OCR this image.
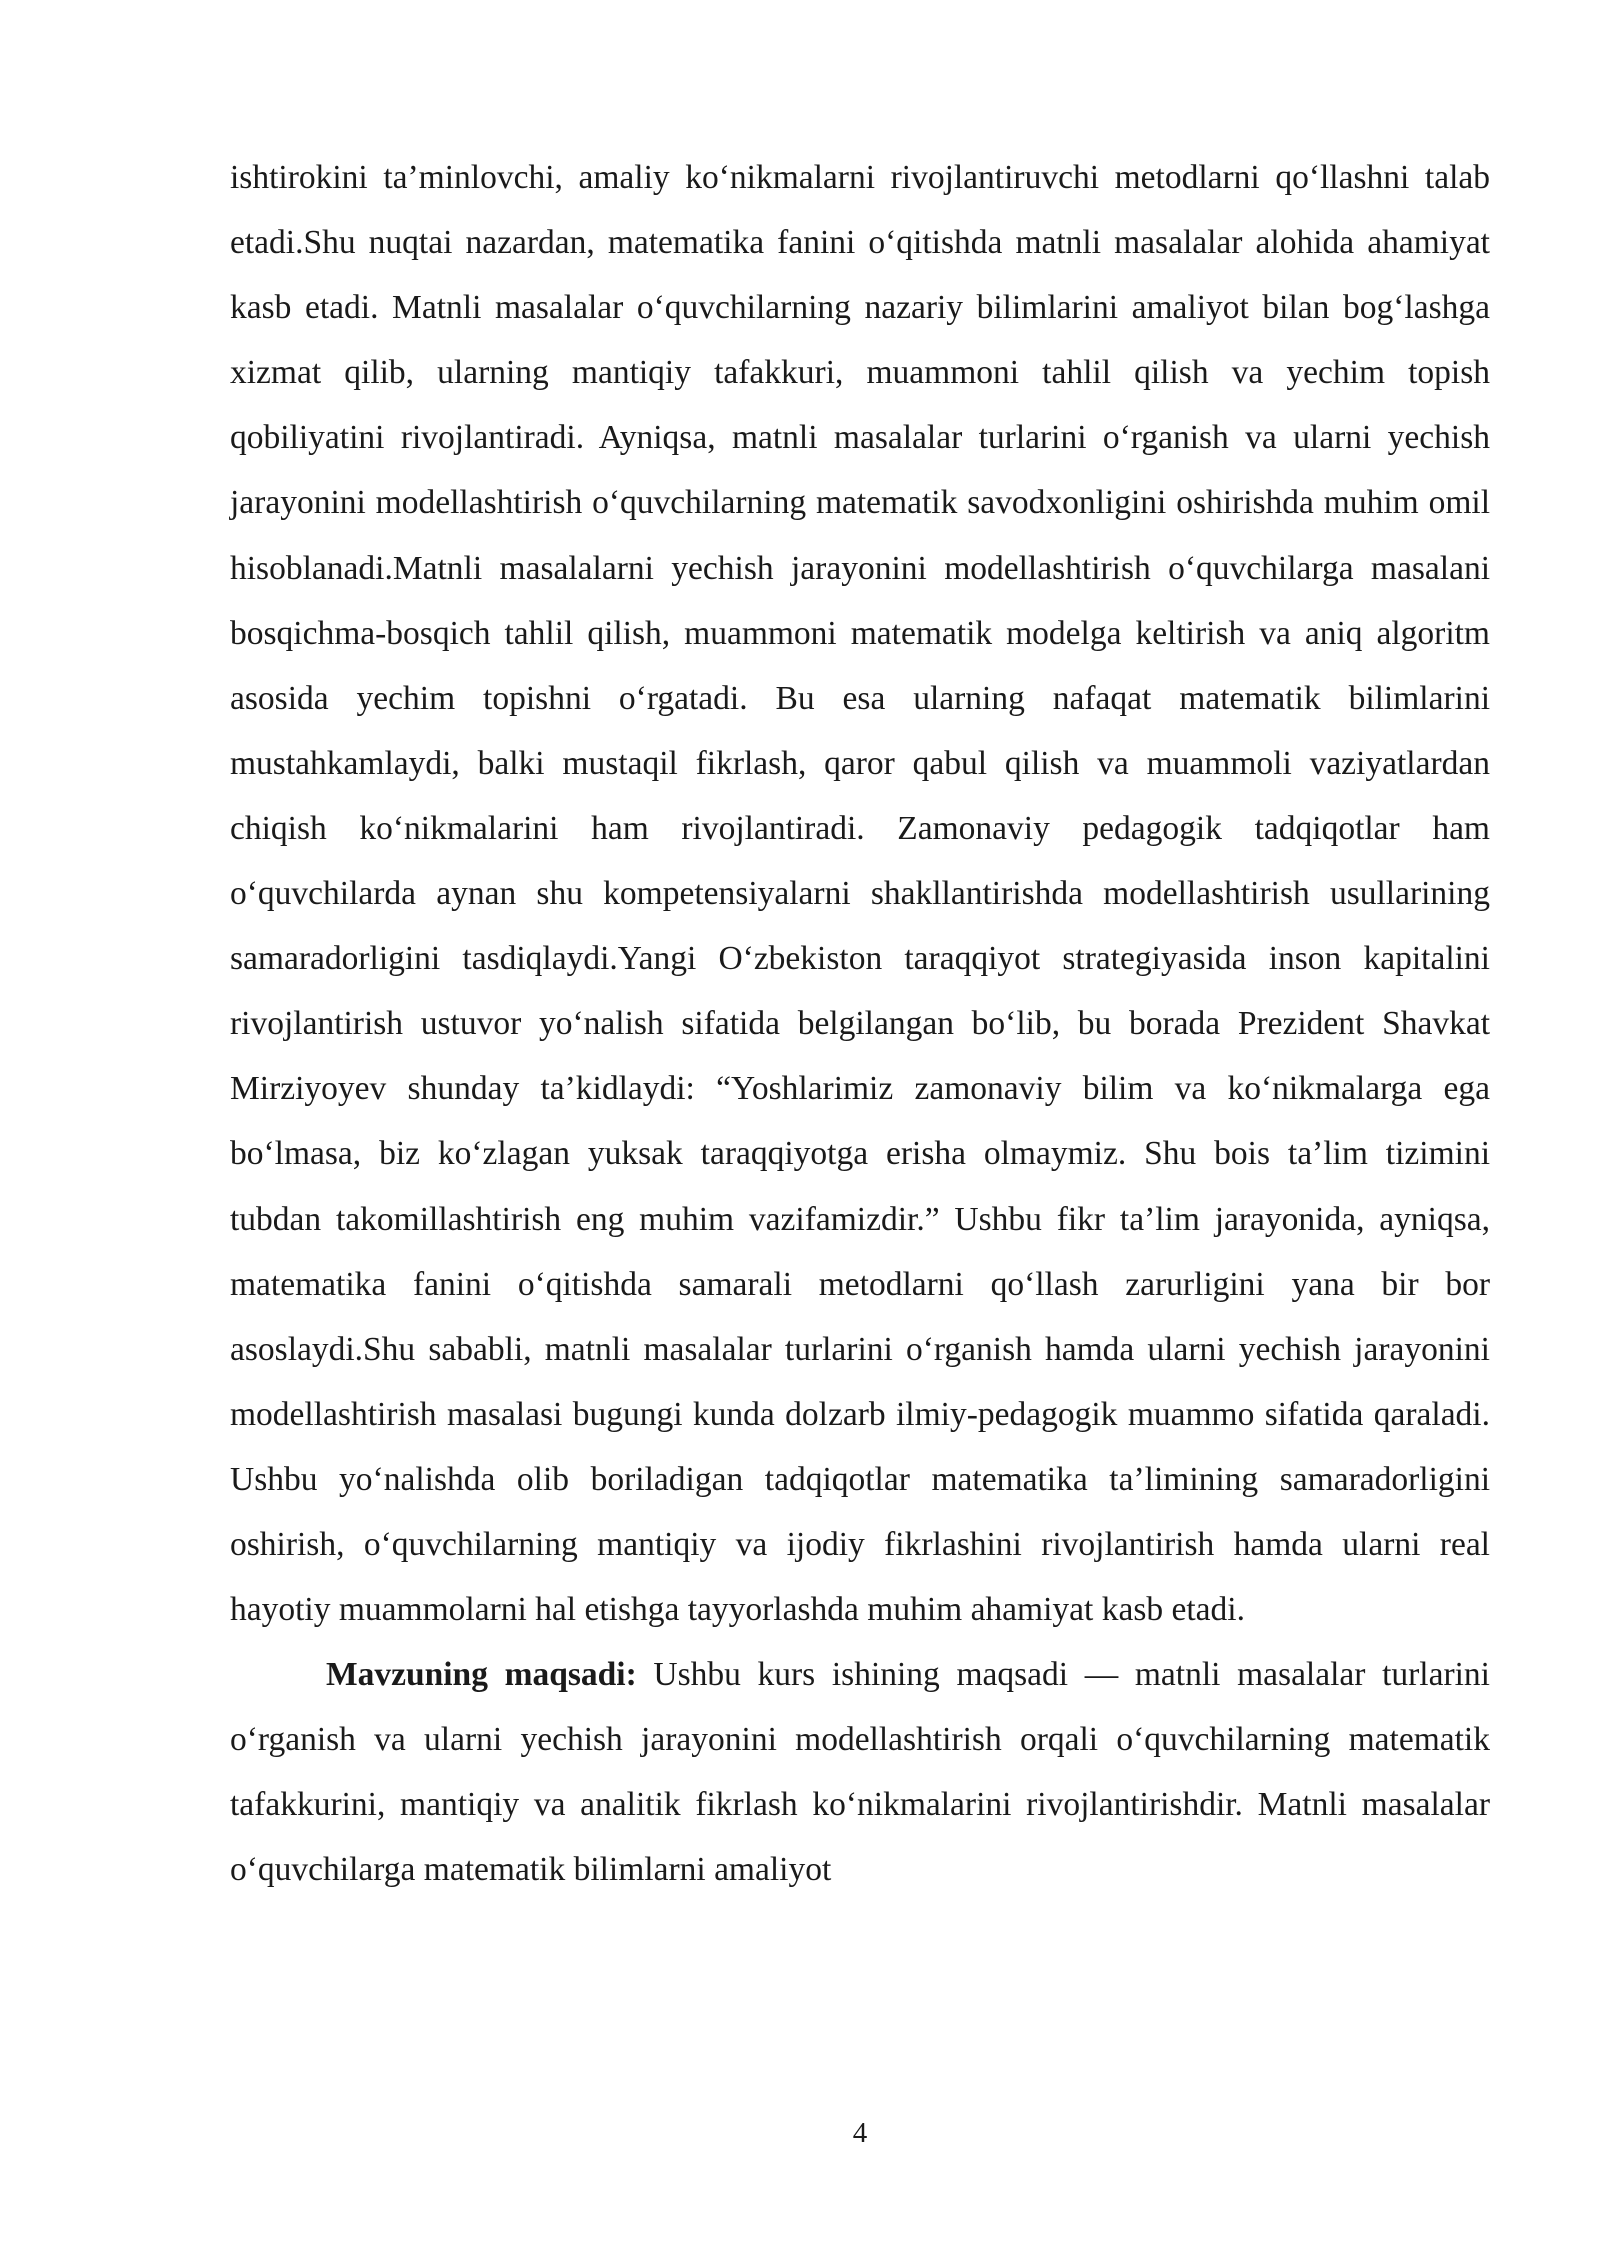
ishtirokini ta’minlovchi, amaliy ko‘nikmalarni rivojlantiruvchi metodlarni qo‘llashni talab etadi.Shu nuqtai nazardan, matematika fanini o‘qitishda matnli masalalar alohida ahamiyat kasb etadi. Matnli masalalar o‘quvchilarning nazariy bilimlarini amaliyot bilan bog‘lashga xizmat qilib, ularning mantiqiy tafakkuri, muammoni tahlil qilish va yechim topish qobiliyatini rivojlantiradi. Ayniqsa, matnli masalalar turlarini o‘rganish va ularni yechish jarayonini modellashtirish o‘quvchilarning matematik savodxonligini oshirishda muhim omil hisoblanadi.Matnli masalalarni yechish jarayonini modellashtirish o‘quvchilarga masalani bosqichma-bosqich tahlil qilish, muammoni matematik modelga keltirish va aniq algoritm asosida yechim topishni o‘rgatadi. Bu esa ularning nafaqat matematik bilimlarini mustahkamlaydi, balki mustaqil fikrlash, qaror qabul qilish va muammoli vaziyatlardan chiqish ko‘nikmalarini ham rivojlantiradi. Zamonaviy pedagogik tadqiqotlar ham o‘quvchilarda aynan shu kompetensiyalarni shakllantirishda modellashtirish usullarining samaradorligini tasdiqlaydi.Yangi O‘zbekiston taraqqiyot strategiyasida inson kapitalini rivojlantirish ustuvor yo‘nalish sifatida belgilangan bo‘lib, bu borada Prezident Shavkat Mirziyoyev shunday ta’kidlaydi: “Yoshlarimiz zamonaviy bilim va ko‘nikmalarga ega bo‘lmasa, biz ko‘zlagan yuksak taraqqiyotga erisha olmaymiz. Shu bois ta’lim tizimini tubdan takomillashtirish eng muhim vazifamizdir.” Ushbu fikr ta’lim jarayonida, ayniqsa, matematika fanini o‘qitishda samarali metodlarni qo‘llash zarurligini yana bir bor asoslaydi.Shu sababli, matnli masalalar turlarini o‘rganish hamda ularni yechish jarayonini modellashtirish masalasi bugungi kunda dolzarb ilmiy-pedagogik muammo sifatida qaraladi. Ushbu yo‘nalishda olib boriladigan tadqiqotlar matematika ta’limining samaradorligini oshirish, o‘quvchilarning mantiqiy va ijodiy fikrlashini rivojlantirish hamda ularni real hayotiy muammolarni hal etishga tayyorlashda muhim ahamiyat kasb etadi.

Mavzuning maqsadi: Ushbu kurs ishining maqsadi — matnli masalalar turlarini o‘rganish va ularni yechish jarayonini modellashtirish orqali o‘quvchilarning matematik tafakkurini, mantiqiy va analitik fikrlash ko‘nikmalarini rivojlantirishdir. Matnli masalalar o‘quvchilarga matematik bilimlarni amaliyot

4
